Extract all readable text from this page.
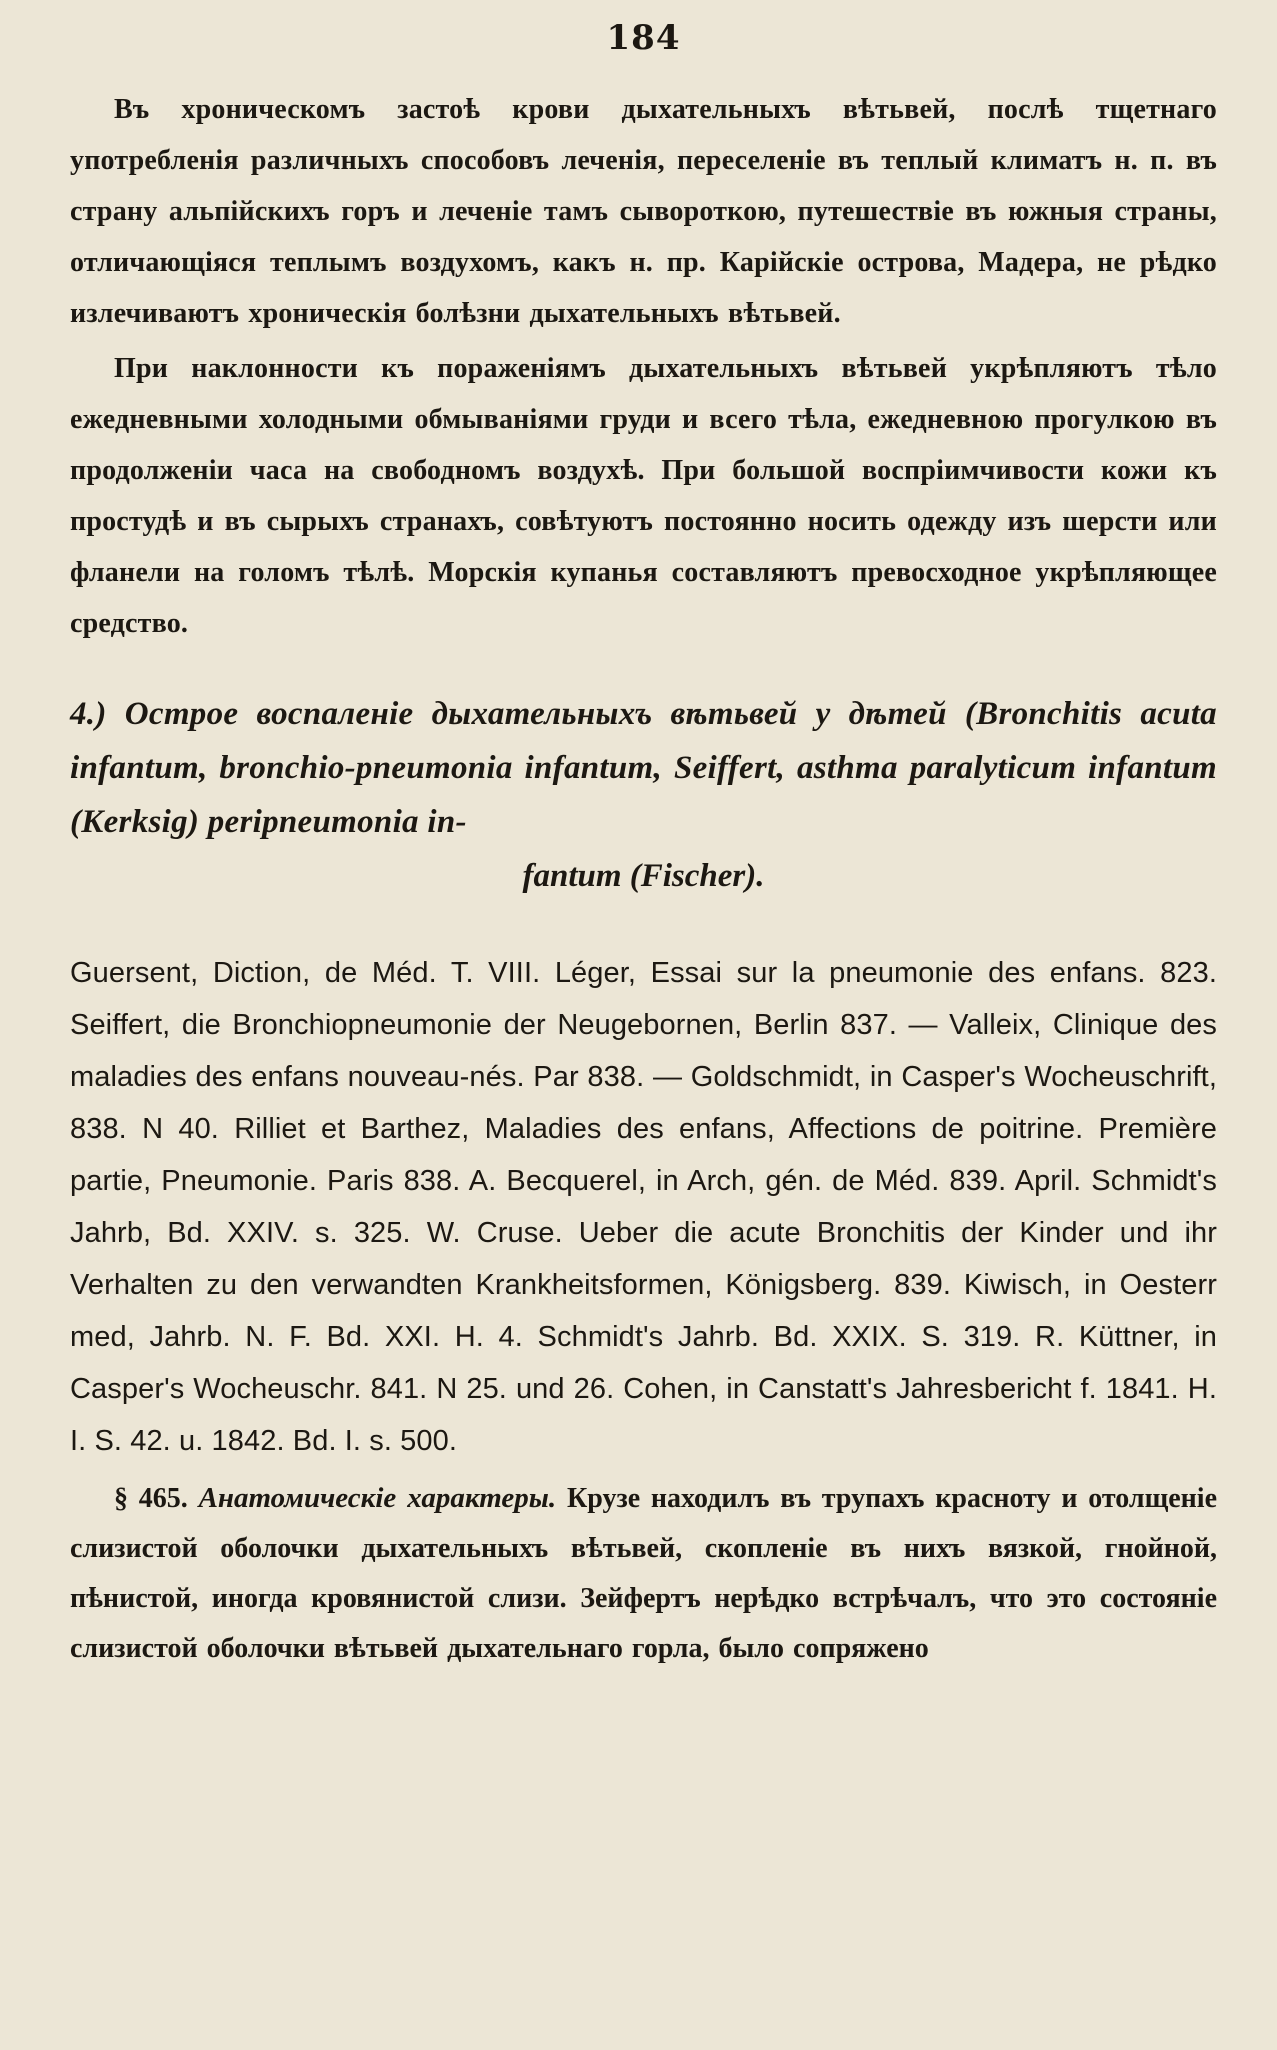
184

Въ хроническомъ застоѣ крови дыхательныхъ вѣтьвей, послѣ тщетнаго употребленія различныхъ способовъ леченія, переселеніе въ теплый климатъ н. п. въ страну альпійскихъ горъ и леченіе тамъ сывороткою, путешествіе въ южныя страны, отличающіяся теплымъ воздухомъ, какъ н. пр. Карійскіе острова, Мадера, не рѣдко излечиваютъ хроническія болѣзни дыхательныхъ вѣтьвей.

При наклонности къ пораженіямъ дыхательныхъ вѣтьвей укрѣпляютъ тѣло ежедневными холодными обмываніями груди и всего тѣла, ежедневною прогулкою въ продолженіи часа на свободномъ воздухѣ. При большой воспріимчивости кожи къ простудѣ и въ сырыхъ странахъ, совѣтуютъ постоянно носить одежду изъ шерсти или фланели на голомъ тѣлѣ. Морскія купанья составляютъ превосходное укрѣпляющее средство.

4.) Острое воспаленіе дыхательныхъ вѣтьвей у дѣтей (Bronchitis acuta infantum, bronchio-pneumonia infantum, Seiffert, asthma paralyticum infantum (Kerksig) peripneumonia in-

fantum (Fischer).

Guersent, Diction, de Méd. T. VIII. Léger, Essai sur la pneumonie des enfans. 823. Seiffert, die Bronchiopneumonie der Neugebornen, Berlin 837. — Valleix, Clinique des maladies des enfans nouveau-nés. Par 838. — Goldschmidt, in Casper's Wocheuschrift, 838. N 40. Rilliet et Barthez, Maladies des enfans, Affections de poitrine. Première partie, Pneumonie. Paris 838. A. Becquerel, in Arch, gén. de Méd. 839. April. Schmidt's Jahrb, Bd. XXIV. s. 325. W. Cruse. Ueber die acute Bronchitis der Kinder und ihr Verhalten zu den verwandten Krankheitsformen, Königsberg. 839. Kiwisch, in Oesterr med, Jahrb. N. F. Bd. XXI. H. 4. Schmidt's Jahrb. Bd. XXIX. S. 319. R. Küttner, in Casper's Wocheuschr. 841. N 25. und 26. Cohen, in Canstatt's Jahresbericht f. 1841. H. I. S. 42. u. 1842. Bd. I. s. 500.

§ 465. Анатомическіе характеры. Крузе находилъ въ трупахъ красноту и отолщеніе слизистой оболочки дыхательныхъ вѣтьвей, скопленіе въ нихъ вязкой, гнойной, пѣнистой, иногда кровянистой слизи. Зейфертъ нерѣдко встрѣчалъ, что это состояніе слизистой оболочки вѣтьвей дыхательнаго горла, было сопряжено
